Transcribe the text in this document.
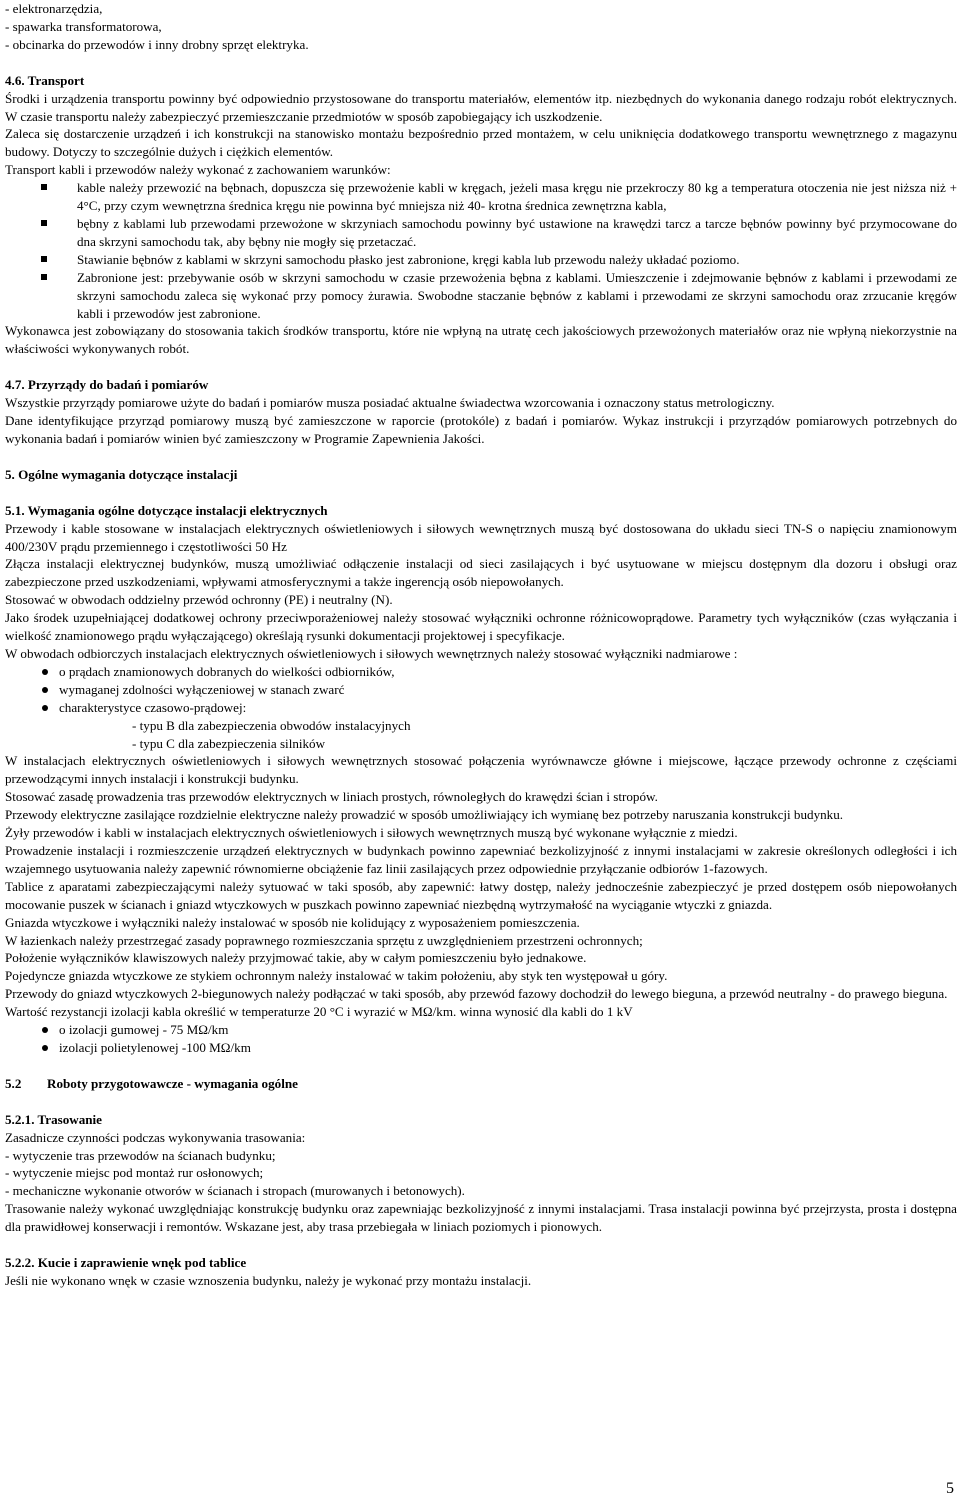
- elektronarzędzia,

- spawarka transformatorowa,

- obcinarka do przewodów i inny drobny sprzęt elektryka.

4.6. Transport

Środki i urządzenia transportu powinny być odpowiednio przystosowane do transportu materiałów, elementów itp. niezbędnych do wykonania danego rodzaju robót elektrycznych. W czasie transportu należy zabezpieczyć przemieszczanie przedmiotów w sposób zapobiegający ich uszkodzenie.

Zaleca się dostarczenie urządzeń i ich konstrukcji na stanowisko montażu bezpośrednio przed montażem, w celu uniknięcia dodatkowego transportu wewnętrznego z magazynu budowy. Dotyczy to szczególnie dużych i ciężkich elementów.

Transport kabli i przewodów należy wykonać z zachowaniem warunków:

kable należy przewozić na bębnach, dopuszcza się przewożenie kabli w kręgach, jeżeli masa kręgu nie przekroczy 80 kg a temperatura otoczenia nie jest niższa niż + 4°C, przy czym wewnętrzna średnica kręgu nie powinna być mniejsza niż 40- krotna średnica zewnętrzna kabla,
bębny z kablami lub przewodami przewożone w skrzyniach samochodu powinny być ustawione na krawędzi tarcz a tarcze bębnów powinny być przymocowane do dna skrzyni samochodu tak, aby bębny nie mogły się przetaczać.
Stawianie bębnów z kablami w skrzyni samochodu płasko jest zabronione, kręgi kabla lub przewodu należy układać poziomo.
Zabronione jest: przebywanie osób w skrzyni samochodu w czasie przewożenia bębna z kablami. Umieszczenie i zdejmowanie bębnów z kablami i przewodami ze skrzyni samochodu zaleca się wykonać przy pomocy żurawia. Swobodne staczanie bębnów z kablami i przewodami ze skrzyni samochodu oraz zrzucanie kręgów kabli i przewodów jest zabronione.

Wykonawca jest zobowiązany do stosowania takich środków transportu, które nie wpłyną na utratę cech jakościowych przewożonych materiałów oraz nie wpłyną niekorzystnie na właściwości wykonywanych robót.

4.7. Przyrządy do badań i pomiarów

Wszystkie przyrządy pomiarowe użyte do badań i pomiarów musza posiadać aktualne świadectwa wzorcowania i oznaczony status metrologiczny.

Dane identyfikujące przyrząd pomiarowy muszą być zamieszczone w raporcie (protokóle) z badań i pomiarów. Wykaz instrukcji i przyrządów pomiarowych potrzebnych do wykonania badań i pomiarów winien być zamieszczony w Programie Zapewnienia Jakości.

5. Ogólne wymagania dotyczące instalacji
5.1. Wymagania ogólne dotyczące instalacji elektrycznych

Przewody i kable stosowane w instalacjach elektrycznych oświetleniowych i siłowych wewnętrznych muszą być dostosowana do układu sieci TN-S o napięciu znamionowym 400/230V prądu przemiennego i częstotliwości 50 Hz

Złącza instalacji elektrycznej budynków, muszą umożliwiać odłączenie instalacji od sieci zasilających i być usytuowane w miejscu dostępnym dla dozoru i obsługi oraz zabezpieczone przed uszkodzeniami, wpływami atmosferycznymi a także ingerencją osób niepowołanych.

Stosować w obwodach oddzielny przewód ochronny (PE) i neutralny (N).

Jako środek uzupełniającej dodatkowej ochrony przeciwporażeniowej należy stosować wyłączniki ochronne różnicowoprądowe. Parametry tych wyłączników (czas wyłączania i wielkość znamionowego prądu wyłączającego) określają rysunki dokumentacji projektowej i specyfikacje.

W obwodach odbiorczych instalacjach elektrycznych oświetleniowych i siłowych wewnętrznych należy stosować wyłączniki nadmiarowe :

o prądach znamionowych dobranych do wielkości odbiorników,
wymaganej zdolności wyłączeniowej w stanach zwarć
charakterystyce czasowo-prądowej:

- typu B dla zabezpieczenia obwodów instalacyjnych

- typu C dla zabezpieczenia silników

W instalacjach elektrycznych oświetleniowych i siłowych wewnętrznych stosować połączenia wyrównawcze główne i miejscowe, łączące przewody ochronne z częściami przewodzącymi innych instalacji i konstrukcji budynku.

Stosować zasadę prowadzenia tras przewodów elektrycznych w liniach prostych, równoległych do krawędzi ścian i stropów.

Przewody elektryczne zasilające rozdzielnie elektryczne należy prowadzić w sposób umożliwiający ich wymianę bez potrzeby naruszania konstrukcji budynku.

Żyły przewodów i kabli w instalacjach elektrycznych oświetleniowych i siłowych wewnętrznych muszą być wykonane wyłącznie z miedzi.

Prowadzenie instalacji i rozmieszczenie urządzeń elektrycznych w budynkach powinno zapewniać bezkolizyjność z innymi instalacjami w zakresie określonych odległości i ich wzajemnego usytuowania należy zapewnić równomierne obciążenie faz linii zasilających przez odpowiednie przyłączanie odbiorów 1-fazowych.

Tablice z aparatami zabezpieczającymi należy sytuować w taki sposób, aby zapewnić: łatwy dostęp, należy jednocześnie zabezpieczyć je przed dostępem osób niepowołanych mocowanie puszek w ścianach i gniazd wtyczkowych w puszkach powinno zapewniać niezbędną wytrzymałość na wyciąganie wtyczki z gniazda.

Gniazda wtyczkowe i wyłączniki należy instalować w sposób nie kolidujący z wyposażeniem pomieszczenia.

W łazienkach należy przestrzegać zasady poprawnego rozmieszczania sprzętu z uwzględnieniem przestrzeni ochronnych;

Położenie wyłączników klawiszowych należy przyjmować takie, aby w całym pomieszczeniu było jednakowe.

Pojedyncze gniazda wtyczkowe ze stykiem ochronnym należy instalować w takim położeniu, aby styk ten występował u góry.

Przewody do gniazd wtyczkowych 2-biegunowych należy podłączać w taki sposób, aby przewód fazowy dochodził do lewego bieguna, a przewód neutralny - do prawego bieguna.

Wartość rezystancji izolacji kabla określić w temperaturze 20 °C i wyrazić w MΩ/km. winna wynosić dla kabli do 1 kV

o izolacji gumowej - 75 MΩ/km
izolacji polietylenowej -100 MΩ/km
5.2	Roboty przygotowawcze - wymagania ogólne
5.2.1. Trasowanie

Zasadnicze czynności podczas wykonywania trasowania:

- wytyczenie tras przewodów na ścianach budynku;

- wytyczenie miejsc pod montaż rur osłonowych;

- mechaniczne wykonanie otworów w ścianach i stropach (murowanych i betonowych).

Trasowanie należy wykonać uwzględniając konstrukcję budynku oraz zapewniając bezkolizyjność z innymi instalacjami. Trasa instalacji powinna być przejrzysta, prosta i dostępna dla prawidłowej konserwacji i remontów. Wskazane jest, aby trasa przebiegała w liniach poziomych i pionowych.

5.2.2. Kucie i zaprawienie wnęk pod tablice

Jeśli nie wykonano wnęk w czasie wznoszenia budynku, należy je wykonać przy montażu instalacji.

5
